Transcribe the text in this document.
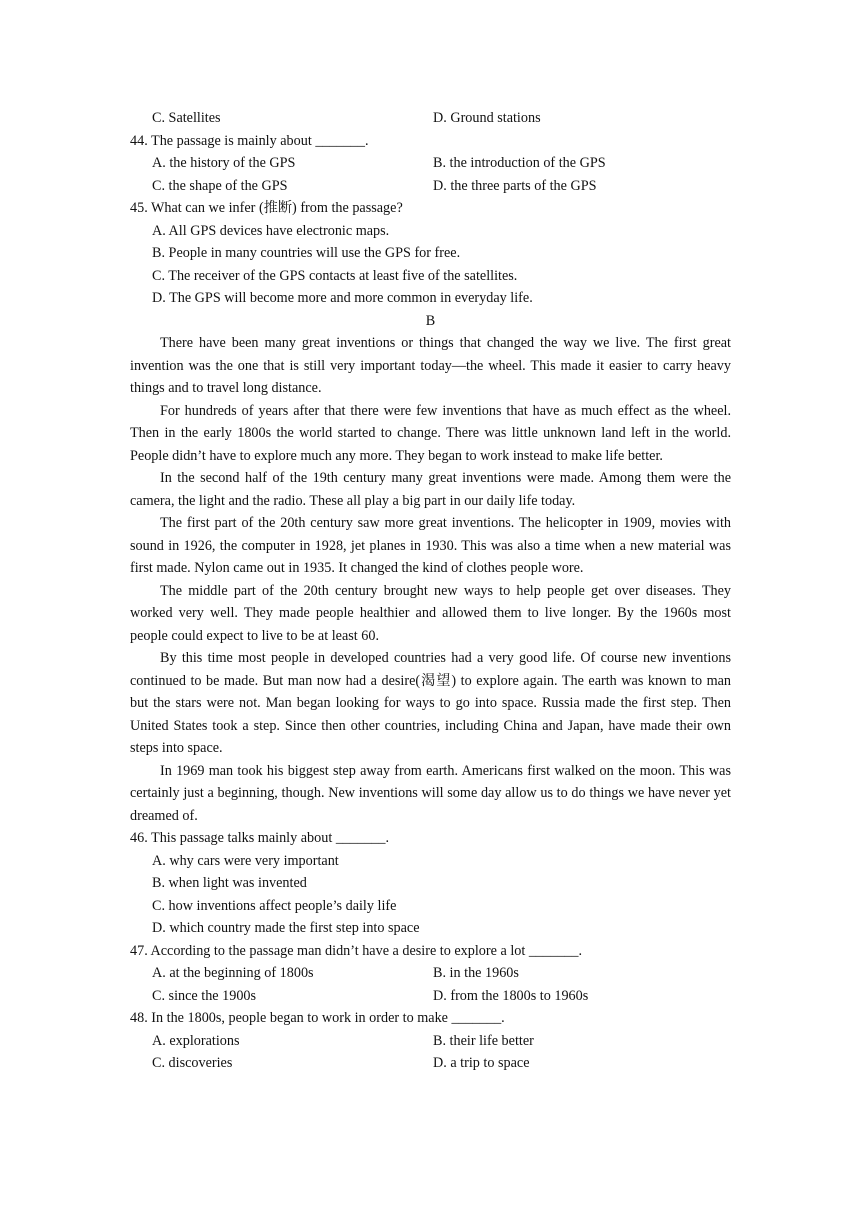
C. Satellites	D. Ground stations
44. The passage is mainly about _______.
A. the history of the GPS	B. the introduction of the GPS
C. the shape of the GPS	D. the three parts of the GPS
45. What can we infer (推断) from the passage?
A. All GPS devices have electronic maps.
B. People in many countries will use the GPS for free.
C. The receiver of the GPS contacts at least five of the satellites.
D. The GPS will become more and more common in everyday life.
B

There have been many great inventions or things that changed the way we live. The first great invention was the one that is still very important today—the wheel. This made it easier to carry heavy things and to travel long distance.

For hundreds of years after that there were few inventions that have as much effect as the wheel. Then in the early 1800s the world started to change. There was little unknown land left in the world. People didn’t have to explore much any more. They began to work instead to make life better.

In the second half of the 19th century many great inventions were made. Among them were the camera, the light and the radio. These all play a big part in our daily life today.

The first part of the 20th century saw more great inventions. The helicopter in 1909, movies with sound in 1926, the computer in 1928, jet planes in 1930. This was also a time when a new material was first made. Nylon came out in 1935. It changed the kind of clothes people wore.

The middle part of the 20th century brought new ways to help people get over diseases. They worked very well. They made people healthier and allowed them to live longer. By the 1960s most people could expect to live to be at least 60.

By this time most people in developed countries had a very good life. Of course new inventions continued to be made. But man now had a desire(渴望) to explore again. The earth was known to man but the stars were not. Man began looking for ways to go into space. Russia made the first step. Then United States took a step. Since then other countries, including China and Japan, have made their own steps into space.

In 1969 man took his biggest step away from earth. Americans first walked on the moon. This was certainly just a beginning, though. New inventions will some day allow us to do things we have never yet dreamed of.

46. This passage talks mainly about _______.
A. why cars were very important
B. when light was invented
C. how inventions affect people’s daily life
D. which country made the first step into space
47. According to the passage man didn’t have a desire to explore a lot _______.
A. at the beginning of 1800s	B. in the 1960s
C. since the 1900s	D. from the 1800s to 1960s
48. In the 1800s, people began to work in order to make _______.
A. explorations	B. their life better
C. discoveries	D. a trip to space
